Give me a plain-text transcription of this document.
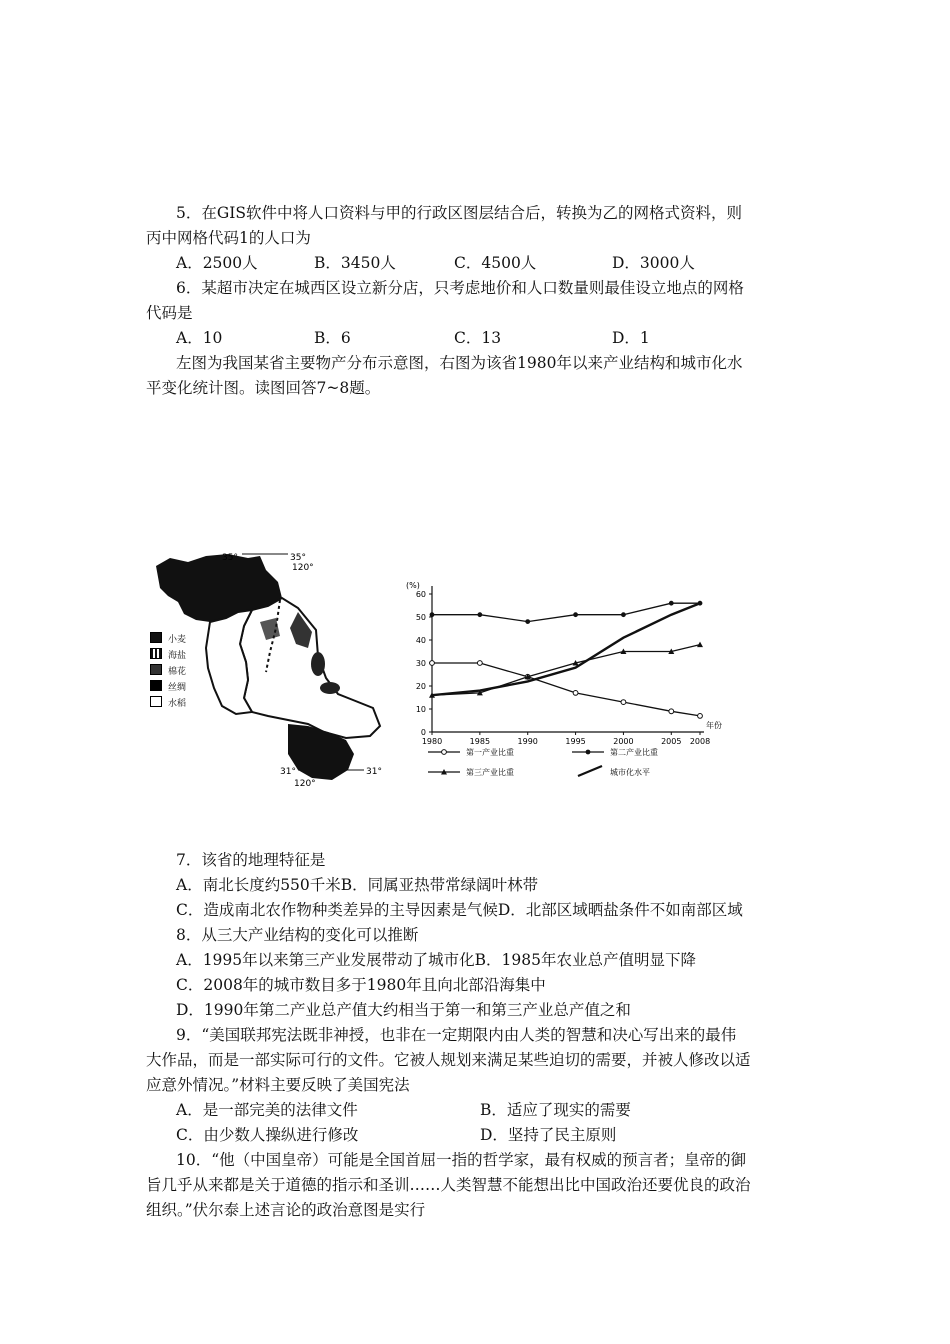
5．在GIS软件中将人口资料与甲的行政区图层结合后，转换为乙的网格式资料，则
丙中网格代码1的人口为
A．2500人	B．3450人	C．4500人	D．3000人
6．某超市决定在城西区设立新分店，只考虑地价和人口数量则最佳设立地点的网格
代码是
A．10	B．6	C．13	D．1
左图为我国某省主要物产分布示意图，右图为该省1980年以来产业结构和城市化水
平变化统计图。读图回答7~8题。
35°	35°
120°
31°	31°
120°
小麦
海盐
棉花
丝绸
水稻
(%)
0
10
20
30
40
50
60
1980	1985	1990	1995	2000	2005 2008
年份
第一产业比重	第二产业比重
第三产业比重	城市化水平
7．该省的地理特征是
A．南北长度约550千米B．同属亚热带常绿阔叶林带
C．造成南北农作物种类差异的主导因素是气候D．北部区域晒盐条件不如南部区域
8．从三大产业结构的变化可以推断
A．1995年以来第三产业发展带动了城市化B．1985年农业总产值明显下降
C．2008年的城市数目多于1980年且向北部沿海集中
D．1990年第二产业总产值大约相当于第一和第三产业总产值之和
9．“美国联邦宪法既非神授，也非在一定期限内由人类的智慧和决心写出来的最伟
大作品，而是一部实际可行的文件。它被人规划来满足某些迫切的需要，并被人修改以适
应意外情况。”材料主要反映了美国宪法
A．是一部完美的法律文件	B．适应了现实的需要
C．由少数人操纵进行修改	D．坚持了民主原则
10．“他（中国皇帝）可能是全国首屈一指的哲学家，最有权威的预言者；皇帝的御
旨几乎从来都是关于道德的指示和圣训……人类智慧不能想出比中国政治还要优良的政治
组织。”伏尔泰上述言论的政治意图是实行
